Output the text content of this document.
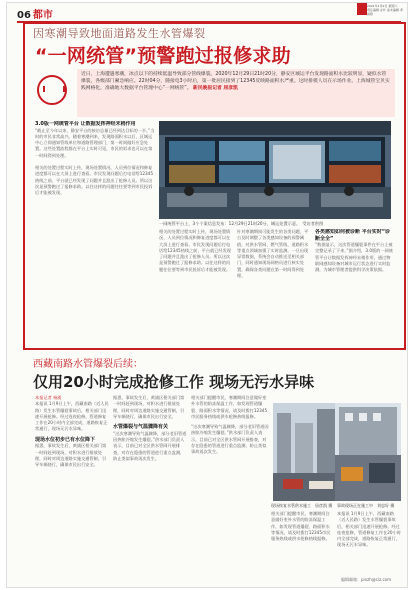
06 都市
2021年1月9日 星期六
责任编辑 庄叶 美术编辑 季雨婷
因寒潮导致地面道路发生水管爆裂
“一网统管”预警跑过报修求助
近日，上海遭遇寒潮，冰点以下的持续低温导致部分管线爆裂。2020年12月29日21时20分，静安区城运平台发现路面积水比较明显，疑似水管爆裂，各级部门紧急响应。22时04分，随接电3小时后，第一批居民接到了12345反映路面积水严重。这时排模人员在示场作业。上海城管宝贝实践网格化，准确地大数据平台管理中心“一网统管”。 新民晚报记者 屈彦凯
一网统管平台上，3个个案信息发布：12月29日21时20分，城运处置示意。　受访者供图
3.0版一网统管平台 让数据发挥神经末梢作用
“截止至今年以来，静安平台的接访总量已经到达目标的一半。”当时的市民非常高兴。随着寒潮到来，发现路面积水以后，区城运中心立即通知管线单位和道路管理部门，第一时间做好应急处置。这些处置流程都在平台上实时可见，市民的诉求也可以在第一时间得到处理。
相关的处置过程实时上传，现场处置情况、人员到位情况和修复进度都可以在大屏上进行查看。市民发现问题后打电话给12345热线之前，平台就已经发现了问题并且派出了抢修人员。所以这次是预警跑过了报修求助。以往这样的问题往往要等到市民投诉后才能被发现。
相关的处置过程实时上传，现场处置情况、人员到位情况和修复进度都可以在大屏上进行查看。市民发现问题后打电话给12345热线之前，平台就已经发现了问题并且派出了抢修人员。所以这次是预警跑过了报修求助。以往这样的问题往往要等到市民投诉后才能被发现。
针对寒潮期间可能发生的各类问题，平台及时调整了各类感知设备的预警阈值，对供水管网、燃气管线、道路积水等重点领域加强了实时监测。一旦出现异常数据，系统会自动推送至相关部门，同时通知现场网格员进行核实处置，确保各类问题在第一时间得到处理。
各类感知如何被诊断 平台实时“诊断全全”
“数据显示，这次管道爆裂事件在平台上被完整记录了下来。”据介绍，3.0版的一网统管平台让数据发挥神经末梢作用，通过物联网感知设备对城市运行状态进行实时监测，为城市管理者提供科学决策依据。
西藏南路水管爆裂后续：
仅用20小时完成抢修工作 现场无污水异味
本报记者 杨浦
本报讯 1月9日上午，西藏南路（近人民路）发生水管爆裂事故后，相关部门迅速开展抢修。经过连夜抢修，管道修复工作在20小时内全部完成，道路恢复正常通行，现场无污水异味。
现场水位初步已有水位降下
据悉，事故发生后，黄浦区相关部门第一时间赶到现场，对积水进行排放处理，同时对周边道路实施交通管制，引导车辆绕行，确保市民出行安全。
据悉，事故发生后，黄浦区相关部门第一时间赶到现场，对积水进行排放处理，同时对周边道路实施交通管制，引导车辆绕行，确保市民出行安全。
水管爆裂与气温骤降有关
“这次寒潮导致气温骤降，部分老旧管道因热胀冷缩发生爆裂。”供水部门负责人表示，目前已对全区供水管网开展排查，对存在隐患的管道进行重点监测，防止类似事故再次发生。
相关部门提醒市民，寒潮期间注意做好室外水管的防冻保温工作，如发现管道爆裂、路面积水等情况，请及时拨打12345市民服务热线或供水抢修热线报修。
“这次寒潮导致气温骤降，部分老旧管道因热胀冷缩发生爆裂。”供水部门负责人表示，目前已对全区供水管网开展排查，对存在隐患的管道进行重点监测，防止类似事故再次发生。
现场恢复水管供水施工　屈彦凯 摄	事故现场正在施工中　刘忠好 摄
相关部门提醒市民，寒潮期间注意做好室外水管的防冻保温工作，如发现管道爆裂、路面积水等情况，请及时拨打12345市民服务热线或供水抢修热线报修。
本报讯 1月9日上午，西藏南路（近人民路）发生水管爆裂事故后，相关部门迅速开展抢修。经过连夜抢修，管道修复工作在20小时内全部完成，道路恢复正常通行，现场无污水异味。
编辑邮箱：pinzh@ciz.com
